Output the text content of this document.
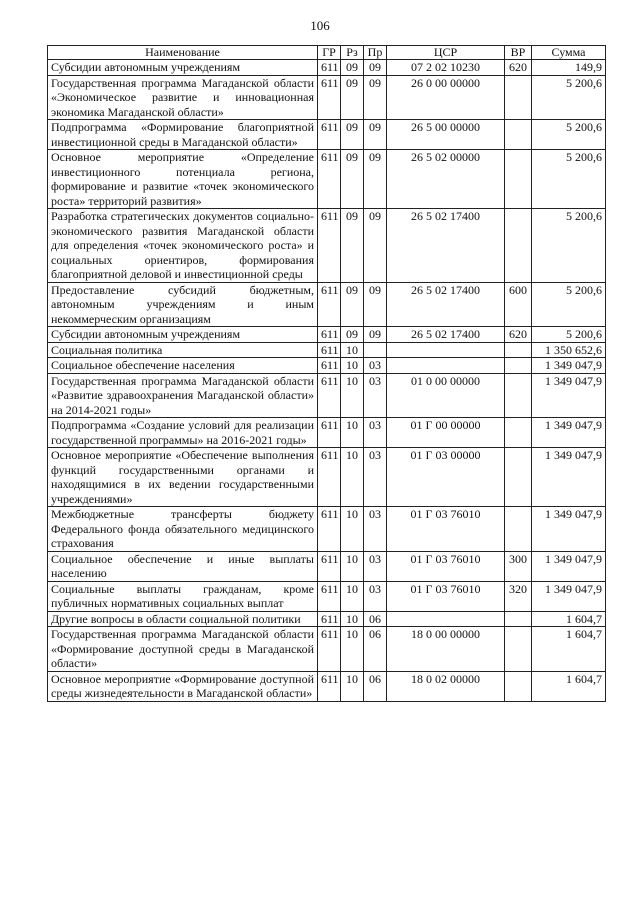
106
Наименование	ГР	Рз	Пр	ЦСР	ВР	Сумма
Субсидии автономным учреждениям	611	09	09	07 2 02 10230	620	149,9
Государственная программа Магаданской области «Экономическое развитие и инновационная экономика Магаданской области»	611	09	09	26 0 00 00000		5 200,6
Подпрограмма «Формирование благоприятной инвестиционной среды в Магаданской области»	611	09	09	26 5 00 00000		5 200,6
Основное мероприятие «Определение инвестиционного потенциала региона, формирование и развитие «точек экономического роста» территорий развития»	611	09	09	26 5 02 00000		5 200,6
Разработка стратегических документов социально-экономического развития Магаданской области для определения «точек экономического роста» и социальных ориентиров, формирования благоприятной деловой и инвестиционной среды	611	09	09	26 5 02 17400		5 200,6
Предоставление субсидий бюджетным, автономным учреждениям и иным некоммерческим организациям	611	09	09	26 5 02 17400	600	5 200,6
Субсидии автономным учреждениям	611	09	09	26 5 02 17400	620	5 200,6
Социальная политика	611	10				1 350 652,6
Социальное обеспечение населения	611	10	03			1 349 047,9
Государственная программа Магаданской области «Развитие здравоохранения Магаданской области» на 2014-2021 годы»	611	10	03	01 0 00 00000		1 349 047,9
Подпрограмма «Создание условий для реализации государственной программы» на 2016-2021 годы»	611	10	03	01 Г 00 00000		1 349 047,9
Основное мероприятие «Обеспечение выполнения функций государственными органами и находящимися в их ведении государственными учреждениями»	611	10	03	01 Г 03 00000		1 349 047,9
Межбюджетные трансферты бюджету Федерального фонда обязательного медицинского страхования	611	10	03	01 Г 03 76010		1 349 047,9
Социальное обеспечение и иные выплаты населению	611	10	03	01 Г 03 76010	300	1 349 047,9
Социальные выплаты гражданам, кроме публичных нормативных социальных выплат	611	10	03	01 Г 03 76010	320	1 349 047,9
Другие вопросы в области социальной политики	611	10	06			1 604,7
Государственная программа Магаданской области «Формирование доступной среды в Магаданской области»	611	10	06	18 0 00 00000		1 604,7
Основное мероприятие «Формирование доступной среды жизнедеятельности в Магаданской области»	611	10	06	18 0 02 00000		1 604,7
